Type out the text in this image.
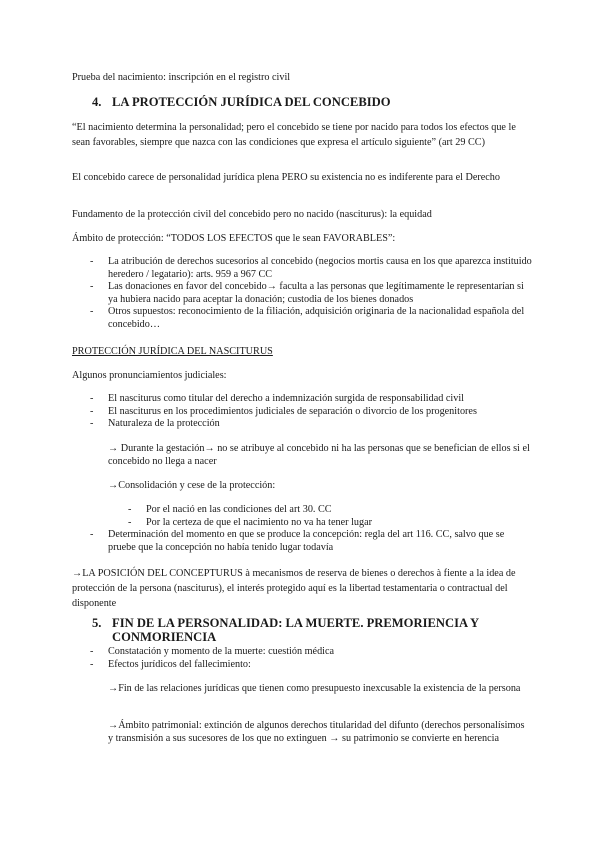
Prueba del nacimiento: inscripción en el registro civil

4. LA PROTECCIÓN JURÍDICA DEL CONCEBIDO

“El nacimiento determina la personalidad; pero el concebido se tiene por nacido para todos los efectos que le sean favorables, siempre que nazca con las condiciones que expresa el artículo siguiente” (art 29 CC)

El concebido carece de personalidad jurídica plena PERO su existencia no es indiferente para el Derecho

Fundamento de la protección civil del concebido pero no nacido (nasciturus): la equidad

Ámbito de protección: “TODOS LOS EFECTOS que le sean FAVORABLES”:

- La atribución de derechos sucesorios al concebido (negocios mortis causa en los que aparezca instituido heredero / legatario): arts. 959 a 967 CC
- Las donaciones en favor del concebido→ faculta a las personas que legítimamente le representarían si ya hubiera nacido para aceptar la donación; custodia de los bienes donados
- Otros supuestos: reconocimiento de la filiación, adquisición originaria de la nacionalidad española del concebido…

PROTECCIÓN JURÍDICA DEL NASCITURUS

Algunos pronunciamientos judiciales:

- El nasciturus como titular del derecho a indemnización surgida de responsabilidad civil
- El nasciturus en los procedimientos judiciales de separación o divorcio de los progenitores
- Naturaleza de la protección

→ Durante la gestación→ no se atribuye al concebido ni ha las personas que se benefician de ellos si el concebido no llega a nacer

→Consolidación y cese de la protección:

- Por el nació en las condiciones del art 30. CC
- Por la certeza de que el nacimiento no va ha tener lugar
- Determinación del momento en que se produce la concepción: regla del art 116. CC, salvo que se pruebe que la concepción no había tenido lugar todavía

→LA POSICIÓN DEL CONCEPTURUS à mecanismos de reserva de bienes o derechos à fiente a la idea de protección de la persona (nasciturus), el interés protegido aquí es la libertad testamentaria o contractual del disponente

5. FIN DE LA PERSONALIDAD: LA MUERTE. PREMORIENCIA Y CONMORIENCIA
- Constatación y momento de la muerte: cuestión médica
- Efectos jurídicos del fallecimiento:

→Fin de las relaciones jurídicas que tienen como presupuesto inexcusable la existencia de la persona

→Ámbito patrimonial: extinción de algunos derechos titularidad del difunto (derechos personalísimos y transmisión a sus sucesores de los que no extinguen → su patrimonio se convierte en herencia
